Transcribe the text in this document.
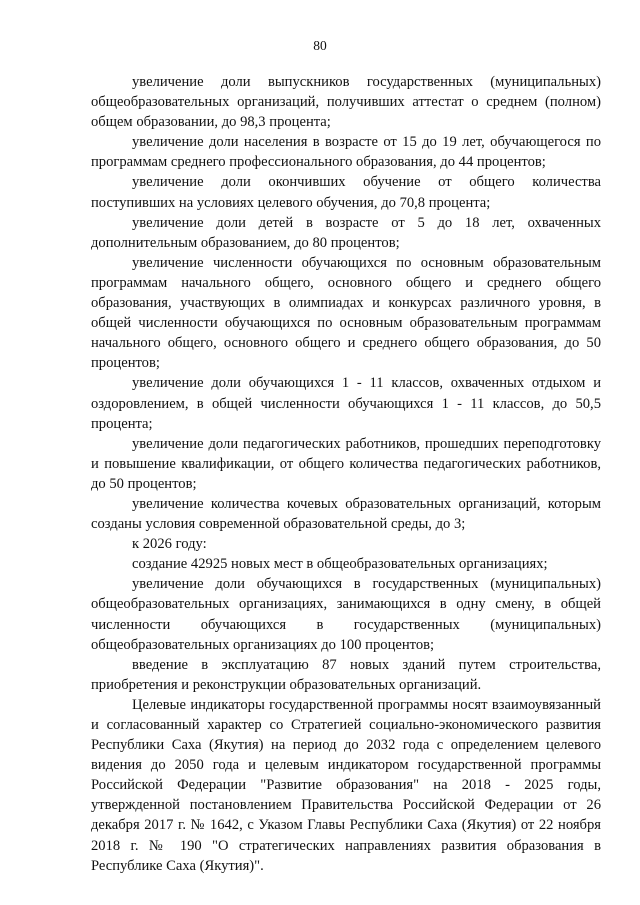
80

увеличение доли выпускников государственных (муниципальных) общеобразовательных организаций, получивших аттестат о среднем (полном) общем образовании, до 98,3 процента;

увеличение доли населения в возрасте от 15 до 19 лет, обучающегося по программам среднего профессионального образования, до 44 процентов;

увеличение доли окончивших обучение от общего количества поступивших на условиях целевого обучения, до 70,8 процента;

увеличение доли детей в возрасте от 5 до 18 лет, охваченных дополнительным образованием, до 80 процентов;

увеличение численности обучающихся по основным образовательным программам начального общего, основного общего и среднего общего образования, участвующих в олимпиадах и конкурсах различного уровня, в общей численности обучающихся по основным образовательным программам начального общего, основного общего и среднего общего образования, до 50 процентов;

увеличение доли обучающихся 1 - 11 классов, охваченных отдыхом и оздоровлением, в общей численности обучающихся 1 - 11 классов, до 50,5 процента;

увеличение доли педагогических работников, прошедших переподготовку и повышение квалификации, от общего количества педагогических работников, до 50 процентов;

увеличение количества кочевых образовательных организаций, которым созданы условия современной образовательной среды, до 3;

к 2026 году:

создание 42925 новых мест в общеобразовательных организациях;

увеличение доли обучающихся в государственных (муниципальных) общеобразовательных организациях, занимающихся в одну смену, в общей численности обучающихся в государственных (муниципальных) общеобразовательных организациях до 100 процентов;

введение в эксплуатацию 87 новых зданий путем строительства, приобретения и реконструкции образовательных организаций.

Целевые индикаторы государственной программы носят взаимоувязанный и согласованный характер со Стратегией социально-экономического развития Республики Саха (Якутия) на период до 2032 года с определением целевого видения до 2050 года и целевым индикатором государственной программы Российской Федерации "Развитие образования" на 2018 - 2025 годы, утвержденной постановлением Правительства Российской Федерации от 26 декабря 2017 г. № 1642, с Указом Главы Республики Саха (Якутия) от 22 ноября 2018 г. № 190 "О стратегических направлениях развития образования в Республике Саха (Якутия)".
